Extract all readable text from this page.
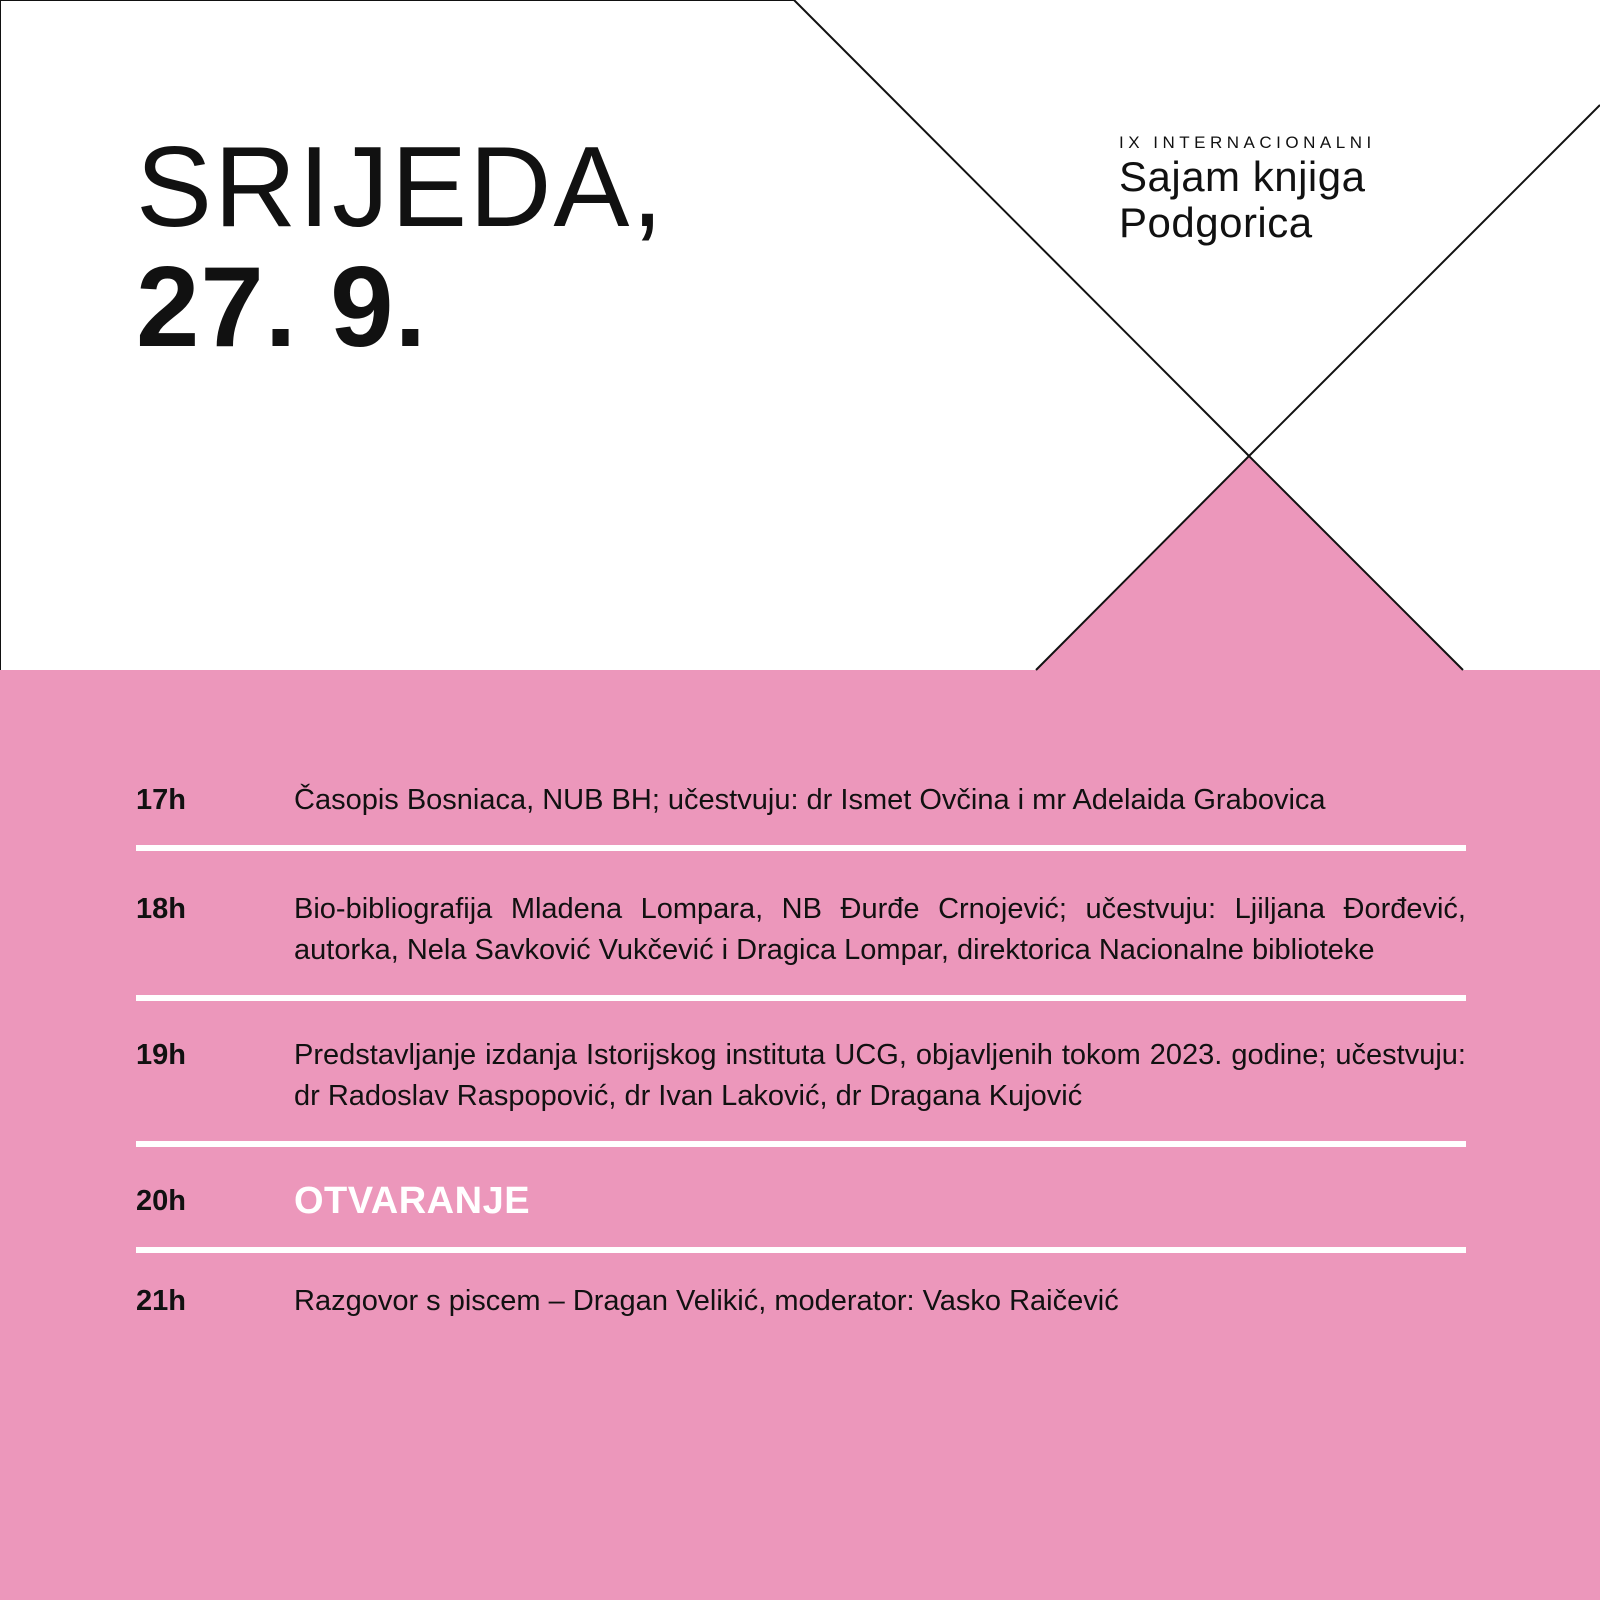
SRIJEDA,
27. 9.
IX INTERNACIONALNI
Sajam knjiga
Podgorica
17h	Časopis Bosniaca, NUB BH; učestvuju: dr Ismet Ovčina i mr Adelaida Grabovica
18h	Bio-bibliografija Mladena Lompara, NB Đurđe Crnojević; učestvuju: Ljiljana Đorđević, autorka, Nela Savković Vukčević i Dragica Lompar, direktorica Nacionalne biblioteke
19h	Predstavljanje izdanja Istorijskog instituta UCG, objavljenih tokom 2023. godine; učestvuju: dr Radoslav Raspopović, dr Ivan Laković, dr Dragana Kujović
20h	OTVARANJE
21h	Razgovor s piscem – Dragan Velikić, moderator: Vasko Raičević
